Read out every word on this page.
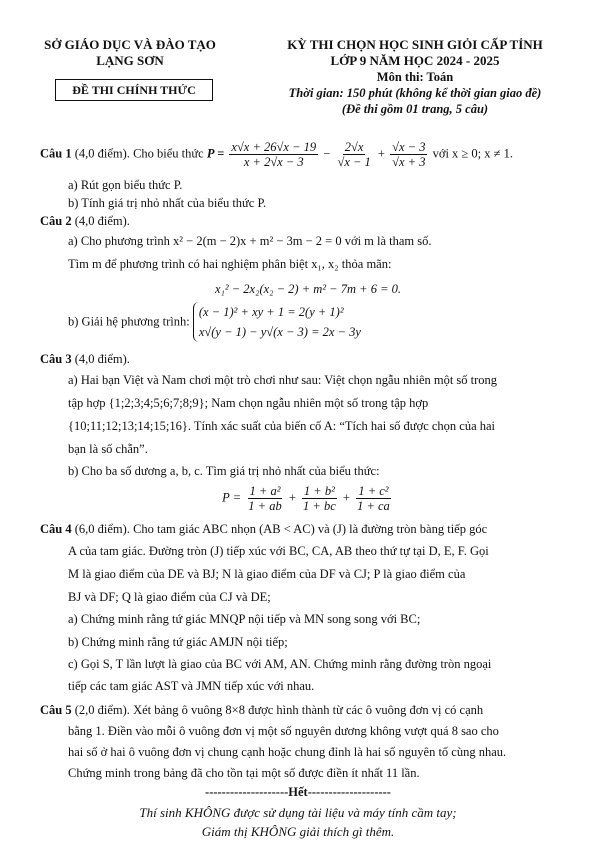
SỞ GIÁO DỤC VÀ ĐÀO TẠO
LẠNG SƠN
ĐỀ THI CHÍNH THỨC
KỲ THI CHỌN HỌC SINH GIỎI CẤP TỈNH
LỚP 9 NĂM HỌC 2024 - 2025
Môn thi: Toán
Thời gian: 150 phút (không kể thời gian giao đề)
(Đề thi gồm 01 trang, 5 câu)
Câu 1 (4,0 điểm). Cho biểu thức $P = \frac{x√x + 26√x - 19}{x + 2√x - 3} - \frac{2√x}{√x - 1} + \frac{√x - 3}{√x + 3}$ với x ≥ 0; x ≠ 1.
a) Rút gọn biểu thức P.
b) Tính giá trị nhỏ nhất của biểu thức P.
Câu 2 (4,0 điểm).
a) Cho phương trình x² − 2(m − 2)x + m² − 3m − 2 = 0 với m là tham số.
Tìm m để phương trình có hai nghiệm phân biệt x₁, x₂ thỏa mãn:
x₁² − 2x₂(x₂ − 2) + m² − 7m + 6 = 0.
b) Giải hệ phương trình:
(x − 1)² + xy + 1 = 2(y + 1)²
x√(y − 1) − y√(x − 3) = 2x − 3y
Câu 3 (4,0 điểm).
a) Hai bạn Việt và Nam chơi một trò chơi như sau: Việt chọn ngẫu nhiên một số trong
tập hợp {1;2;3;4;5;6;7;8;9}; Nam chọn ngẫu nhiên một số trong tập hợp
{10;11;12;13;14;15;16}. Tính xác suất của biến cố A: “Tích hai số được chọn của hai
bạn là số chẵn”.
b) Cho ba số dương a, b, c. Tìm giá trị nhỏ nhất của biểu thức:
$P = \frac{\text{1 + a²}}{1 + ab} + \frac{\text{1 + b²}}{1 + bc} + \frac{\text{1 + c²}}{1 + ca}$
Câu 4 (6,0 điểm). Cho tam giác ABC nhọn (AB < AC) và (J) là đường tròn bàng tiếp góc
A của tam giác. Đường tròn (J) tiếp xúc với BC, CA, AB theo thứ tự tại D, E, F. Gọi
M là giao điểm của DE và BJ; N là giao điểm của DF và CJ; P là giao điểm của
BJ và DF; Q là giao điểm của CJ và DE;
a) Chứng minh rằng tứ giác MNQP nội tiếp và MN song song với BC;
b) Chứng minh rằng tứ giác AMJN nội tiếp;
c) Gọi S, T lần lượt là giao của BC với AM, AN. Chứng minh rằng đường tròn ngoại
tiếp các tam giác AST và JMN tiếp xúc với nhau.
Câu 5 (2,0 điểm). Xét bảng ô vuông 8×8 được hình thành từ các ô vuông đơn vị có cạnh
bằng 1. Điền vào mỗi ô vuông đơn vị một số nguyên dương không vượt quá 8 sao cho
hai số ở hai ô vuông đơn vị chung cạnh hoặc chung đỉnh là hai số nguyên tố cùng nhau.
Chứng minh trong bảng đã cho tồn tại một số được điền ít nhất 11 lần.
--------------------Hết--------------------
Thí sinh KHÔNG được sử dụng tài liệu và máy tính cầm tay;
Giám thị KHÔNG giải thích gì thêm.
